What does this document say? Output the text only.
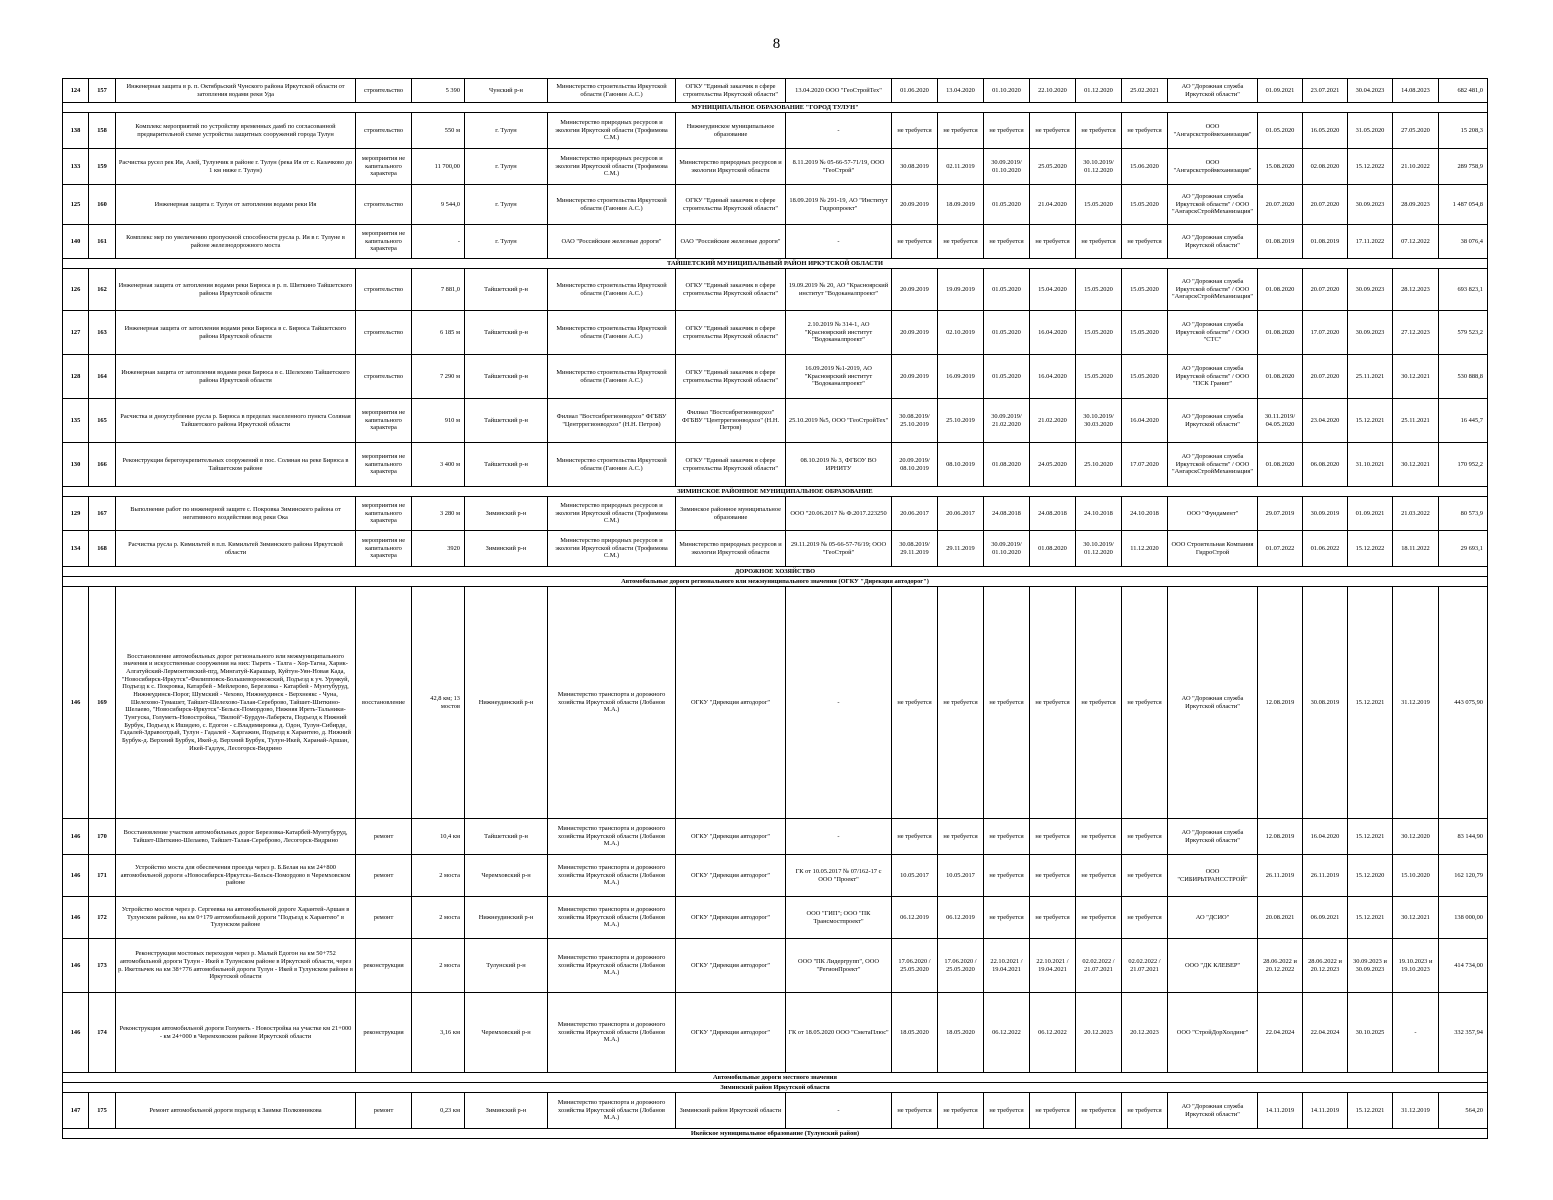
8
124	157	Инженерная защита в р. п. Октябрьский Чунского района Иркутской области от затопления водами реки Уда	строительство	5 390	Чунский р-н	Министерство строительства Иркутской области (Гаюнин А.С.)	ОГКУ "Единый заказчик в сфере строительства Иркутской области"	13.04.2020 ООО "ГеоСтройТех"	01.06.2020	13.04.2020	01.10.2020	22.10.2020	01.12.2020	25.02.2021	АО "Дорожная служба Иркутской области"	01.09.2021	23.07.2021	30.04.2023	14.08.2023	682 481,0
МУНИЦИПАЛЬНОЕ ОБРАЗОВАНИЕ "ГОРОД ТУЛУН"																				
138	158	Комплекс мероприятий по устройству временных дамб по согласованной предварительной схеме устройства защитных сооружений города Тулун	строительство	550 м	г. Тулун	Министерство природных ресурсов и экологии Иркутской области (Трофимова С.М.)	Нижнеудинское муниципальное образование	-	не требуется	не требуется	не требуется	не требуется	не требуется	не требуется	ООО "Ангарскстроймеханизация"	01.05.2020	16.05.2020	31.05.2020	27.05.2020	15 208,3
133	159	Расчистка русел рек Ия, Азей, Тулунчик в районе г. Тулун (река Ия от с. Казачково до 1 км ниже г. Тулун)	мероприятия не капитального характера	11 700,00	г. Тулун	Министерство природных ресурсов и экологии Иркутской области (Трофимова С.М.)	Министерство природных ресурсов и экологии Иркутской области	8.11.2019 № 05-66-57-71/19, ООО "ГеоСтрой"	30.08.2019	02.11.2019	30.09.2019/ 01.10.2020	25.05.2020	30.10.2019/ 01.12.2020	15.06.2020	ООО "Ангарскстроймеханизация"	15.08.2020	02.08.2020	15.12.2022	21.10.2022	289 758,9
125	160	Инженерная защита г. Тулун от затопления водами реки Ия	строительство	9 544,0	г. Тулун	Министерство строительства Иркутской области (Гаюнин А.С.)	ОГКУ "Единый заказчик в сфере строительства Иркутской области"	18.09.2019 № 291-19, АО "Институт Гидропроект"	20.09.2019	18.09.2019	01.05.2020	21.04.2020	15.05.2020	15.05.2020	АО "Дорожная служба Иркутской области" / ООО "АнгарскСтройМеханизация"	20.07.2020	20.07.2020	30.09.2023	28.09.2023	1 487 054,8
140	161	Комплекс мер по увеличению пропускной способности русла р. Ия в г. Тулуне в районе железнодорожного моста	мероприятия не капитального характера	-	г. Тулун	ОАО "Российские железные дороги"	ОАО "Российские железные дороги"	-	не требуется	не требуется	не требуется	не требуется	не требуется	не требуется	АО "Дорожная служба Иркутской области"	01.08.2019	01.08.2019	17.11.2022	07.12.2022	38 076,4
ТАЙШЕТСКИЙ МУНИЦИПАЛЬНЫЙ РАЙОН ИРКУТСКОЙ ОБЛАСТИ																				
126	162	Инженерная защита от затопления водами реки Бирюса в р. п. Шиткино Тайшетского района Иркутской области	строительство	7 881,0	Тайшетский р-н	Министерство строительства Иркутской области (Гаюнин А.С.)	ОГКУ "Единый заказчик в сфере строительства Иркутской области"	19.09.2019 № 20, АО "Красноярский институт "Водоканалпроект"	20.09.2019	19.09.2019	01.05.2020	15.04.2020	15.05.2020	15.05.2020	АО "Дорожная служба Иркутской области" / ООО "АнгарскСтройМеханизация"	01.08.2020	20.07.2020	30.09.2023	28.12.2023	693 823,1
127	163	Инженерная защита от затопления водами реки Бирюса в с. Бирюса Тайшетского района Иркутской области	строительство	6 185 м	Тайшетский р-н	Министерство строительства Иркутской области (Гаюнин А.С.)	ОГКУ "Единый заказчик в сфере строительства Иркутской области"	2.10.2019 № 314-1, АО "Красноярский институт "Водоканалпроект"	20.09.2019	02.10.2019	01.05.2020	16.04.2020	15.05.2020	15.05.2020	АО "Дорожная служба Иркутской области" / ООО "СТС"	01.08.2020	17.07.2020	30.09.2023	27.12.2023	579 523,2
128	164	Инженерная защита от затопления водами реки Бирюса в с. Шелехово Тайшетского района Иркутской области	строительство	7 290 м	Тайшетский р-н	Министерство строительства Иркутской области (Гаюнин А.С.)	ОГКУ "Единый заказчик в сфере строительства Иркутской области"	16.09.2019 №1-2019, АО "Красноярский институт "Водоканалпроект"	20.09.2019	16.09.2019	01.05.2020	16.04.2020	15.05.2020	15.05.2020	АО "Дорожная служба Иркутской области" / ООО "ПСК Гранит"	01.08.2020	20.07.2020	25.11.2021	30.12.2021	530 888,8
135	165	Расчистка и дноуглубление русла р. Бирюса в пределах населенного пункта Соляная Тайшетского района Иркутской области	мероприятия не капитального характера	910 м	Тайшетский р-н	Филиал "Востсибрегионводхоз" ФГБВУ "Центррегионводхоз" (Н.Н. Петров)	Филиал "Востсибрегионводхоз" ФГБВУ "Центррегионводхоз" (Н.Н. Петров)	25.10.2019 №5, ООО "ГеоСтройТех"	30.08.2019/ 25.10.2019	25.10.2019	30.09.2019/ 21.02.2020	21.02.2020	30.10.2019/ 30.03.2020	16.04.2020	АО "Дорожная служба Иркутской области"	30.11.2019/ 04.05.2020	23.04.2020	15.12.2021	25.11.2021	16 445,7
130	166	Реконструкция берегоукрепительных сооружений в пос. Соляная на реке Бирюса в Тайшетском районе	мероприятия не капитального характера	3 400 м	Тайшетский р-н	Министерство строительства Иркутской области (Гаюнин А.С.)	ОГКУ "Единый заказчик в сфере строительства Иркутской области"	08.10.2019 № 3, ФГБОУ ВО ИРНИТУ	20.09.2019/ 08.10.2019	08.10.2019	01.08.2020	24.05.2020	25.10.2020	17.07.2020	АО "Дорожная служба Иркутской области" / ООО "АнгарскСтройМеханизация"	01.08.2020	06.08.2020	31.10.2021	30.12.2021	170 952,2
ЗИМИНСКОЕ РАЙОННОЕ МУНИЦИПАЛЬНОЕ ОБРАЗОВАНИЕ																				
129	167	Выполнение работ по инженерной защите с. Покровка Зиминского района от негативного воздействия вод реки Ока	мероприятия не капитального характера	3 280 м	Зиминский р-н	Министерство природных ресурсов и экологии Иркутской области (Трофимова С.М.)	Зиминское районное муниципальное образование	ООО "20.06.2017 № Ф.2017.223250	20.06.2017	20.06.2017	24.08.2018	24.08.2018	24.10.2018	24.10.2018	ООО "Фундамент"	29.07.2019	30.09.2019	01.09.2021	21.03.2022	80 573,9
134	168	Расчистка русла р. Кимильтей в п.п. Кимильтей Зиминского района Иркутской области	мероприятия не капитального характера	3920	Зиминский р-н	Министерство природных ресурсов и экологии Иркутской области (Трофимова С.М.)	Министерство природных ресурсов и экологии Иркутской области	29.11.2019 № 05-66-57-76/19; ООО "ГеоСтрой"	30.08.2019/ 29.11.2019	29.11.2019	30.09.2019/ 01.10.2020	01.08.2020	30.10.2019/ 01.12.2020	11.12.2020	ООО Строительная Компания ГидроСтрой	01.07.2022	01.06.2022	15.12.2022	18.11.2022	29 693,1
ДОРОЖНОЕ ХОЗЯЙСТВО																				
Автомобильные дороги регионального или межмуниципального значения (ОГКУ "Дирекция автодорог")																				
146	169	Восстановление автомобильных дорог регионального или межмуниципального значения и искусственные сооружения на них: Тыреть - Талга - Хор-Тагна, Харик-Алгатуйский-Лермонтовский-пгд, Мингатуй-Карашыр, Куйтун-Уян-Новая Када, "Новосибирск-Иркутск"-Филипповск-Большеворонежский, Подъезд к уч. Уруякуй, Подъезд к с. Покровка, Катарбей - Мейлерово, Березовка - Катарбей - Мунтубуруд, Нижнеудинск-Порог, Шумский - Чехово, Нижнеудинск - Верхнеякс - Чуна, Шелехово-Тумашет, Тайшет-Шелехово-Талая-Сереброво, Тайшет-Шиткино-Шелаево, "Новосибирск-Иркутск"-Бельск-Помордово, Нижняя Иреть-Тальники-Тунгуска, Голуметь-Новостройка, "Вилюй"-Бурдун-Лаберкта, Подъезд к Нижний Бурбук, Подъезд к Ишидею, с. Едогон - с.Владимировка д. Одон, Тулун-Сибирде, Гадалей-Здравоотдый, Тулун - Гадалей - Харгажин, Подъезд к Харантею, д. Нижний Бурбук-д. Верхний Бурбук, Икей-д. Верхний Бурбук, Тулун-Икей, Харанай-Аршан, Икей-Гадлук, Лесогорск-Видрино	восстановление	42,8 км; 13 мостов	Нижнеудинский р-н	Министерство транспорта и дорожного хозяйства Иркутской области (Лобанов М.А.)	ОГКУ "Дирекция автодорог"	-	не требуется	не требуется	не требуется	не требуется	не требуется	не требуется	АО "Дорожная служба Иркутской области"	12.08.2019	30.08.2019	15.12.2021	31.12.2019	443 075,90
146	170	Восстановление участков автомобильных дорог Березовка-Катарбей-Мунтубуруд, Тайшет-Шиткино-Шелаево, Тайшет-Талая-Сереброво, Лесогорск-Видрино	ремонт	10,4 км	Тайшетский р-н	Министерство транспорта и дорожного хозяйства Иркутской области (Лобанов М.А.)	ОГКУ "Дирекция автодорог"	-	не требуется	не требуется	не требуется	не требуется	не требуется	не требуется	АО "Дорожная служба Иркутской области"	12.08.2019	16.04.2020	15.12.2021	30.12.2020	83 144,90
146	171	Устройство моста для обеспечения проезда через р. Б.Белая на км 24+800 автомобильной дороги «Новосибирск-Иркутск»-Бельск-Помордово в Черемховском районе	ремонт	2 моста	Черемховский р-н	Министерство транспорта и дорожного хозяйства Иркутской области (Лобанов М.А.)	ОГКУ "Дирекция автодорог"	ГК от 10.05.2017 № 07/162-17 с ООО "Проект"	10.05.2017	10.05.2017	не требуется	не требуется	не требуется	не требуется	ООО "СИБИРЬТРАНССТРОЙ"	26.11.2019	26.11.2019	15.12.2020	15.10.2020	162 120,79
146	172	Устройство мостов через р. Сергеевка на автомобильной дороге Харантей-Аршан в Тулунском районе, на км 0+179 автомобильной дороги "Подъезд к Харантею" в Тулунском районе	ремонт	2 моста	Нижнеудинский р-н	Министерство транспорта и дорожного хозяйства Иркутской области (Лобанов М.А.)	ОГКУ "Дирекция автодорог"	ООО "ГИП"; ООО "ПК Трансмостпроект"	06.12.2019	06.12.2019	не требуется	не требуется	не требуется	не требуется	АО "ДСИО"	20.08.2021	06.09.2021	15.12.2021	30.12.2021	138 000,00
146	173	Реконструкция мостовых переходов через р. Малый Едогон на км 50+752 автомобильной дороги Тулун - Икей в Тулунском районе в Иркутской области, через р. Икетлычек на км 38+776 автомобильной дороги Тулун - Икей в Тулунском районе в Иркутской области	реконструкция	2 моста	Тулунский р-н	Министерство транспорта и дорожного хозяйства Иркутской области (Лобанов М.А.)	ОГКУ "Дирекция автодорог"	ООО "ПК Лидергрупп", ООО "РегионПроект"	17.06.2020 / 25.05.2020	17.06.2020 / 25.05.2020	22.10.2021 / 19.04.2021	22.10.2021 / 19.04.2021	02.02.2022 / 21.07.2021	02.02.2022 / 21.07.2021	ООО "ДК КЛЕВЕР"	28.06.2022 и 20.12.2022	28.06.2022 и 20.12.2023	30.09.2023 и 30.09.2023	19.10.2023 и 19.10.2023	414 734,00
146	174	Реконструкция автомобильной дороги Голуметь - Новостройка на участке км 21+000 - км 24+000 в Черемховском районе Иркутской области	реконструкция	3,16 км	Черемховский р-н	Министерство транспорта и дорожного хозяйства Иркутской области (Лобанов М.А.)	ОГКУ "Дирекция автодорог"	ГК от 18.05.2020 ООО "СметаПлюс"	18.05.2020	18.05.2020	06.12.2022	06.12.2022	20.12.2023	20.12.2023	ООО "СтройДорХолдинг"	22.04.2024	22.04.2024	30.10.2025	-	332 357,94
Автомобильные дороги местного значения																				
Зиминский район Иркутской области																				
147	175	Ремонт автомобильной дороги подъезд к Заимке Полковникова	ремонт	0,23 км	Зиминский р-н	Министерство транспорта и дорожного хозяйства Иркутской области (Лобанов М.А.)	Зиминский район Иркутской области	-	не требуется	не требуется	не требуется	не требуется	не требуется	не требуется	АО "Дорожная служба Иркутской области"	14.11.2019	14.11.2019	15.12.2021	31.12.2019	564,20
Икейское муниципальное образование (Тулунский район)																				
